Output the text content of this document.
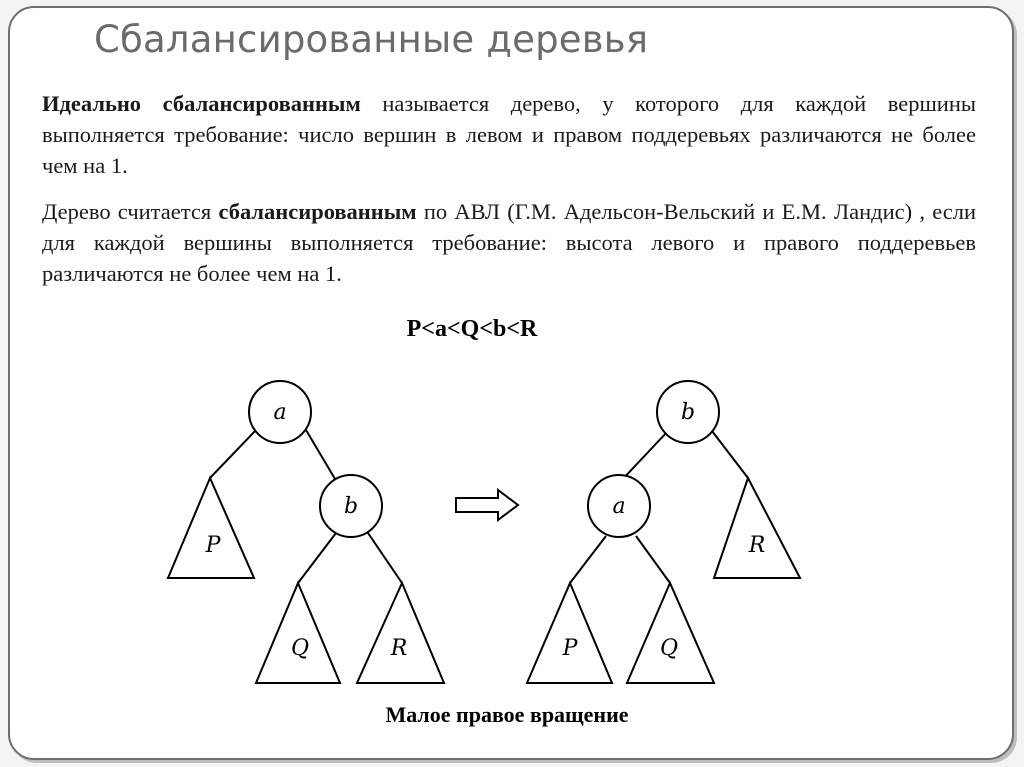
Сбалансированные деревья

Идеально сбалансированным называется дерево, у которого для каждой вершины выполняется требование: число вершин в левом и правом поддеревьях различаются не более чем на 1.

Дерево считается сбалансированным по АВЛ (Г.М. Адельсон-Вельский и Е.М. Ландис) , если для каждой вершины выполняется требование: высота левого и правого поддеревьев различаются не более чем на 1.

P<a<Q<b<R

a
b
P
Q	R
b
a
P	Q
R

Малое правое вращение
